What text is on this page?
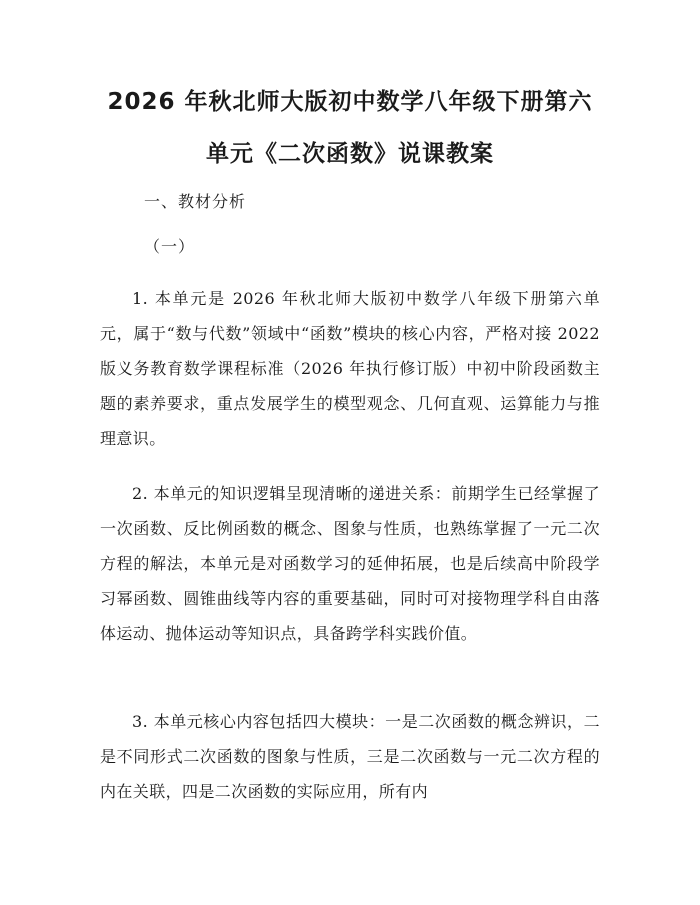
2026 年秋北师大版初中数学八年级下册第六
单元《二次函数》说课教案

一、教材分析

（一）

1. 本单元是 2026 年秋北师大版初中数学八年级下册第六单元，属于“数与代数”领域中“函数”模块的核心内容，严格对接 2022 版义务教育数学课程标准（2026 年执行修订版）中初中阶段函数主题的素养要求，重点发展学生的模型观念、几何直观、运算能力与推理意识。

2. 本单元的知识逻辑呈现清晰的递进关系：前期学生已经掌握了一次函数、反比例函数的概念、图象与性质，也熟练掌握了一元二次方程的解法，本单元是对函数学习的延伸拓展，也是后续高中阶段学习幂函数、圆锥曲线等内容的重要基础，同时可对接物理学科自由落体运动、抛体运动等知识点，具备跨学科实践价值。

3. 本单元核心内容包括四大模块：一是二次函数的概念辨识，二是不同形式二次函数的图象与性质，三是二次函数与一元二次方程的内在关联，四是二次函数的实际应用，所有内
